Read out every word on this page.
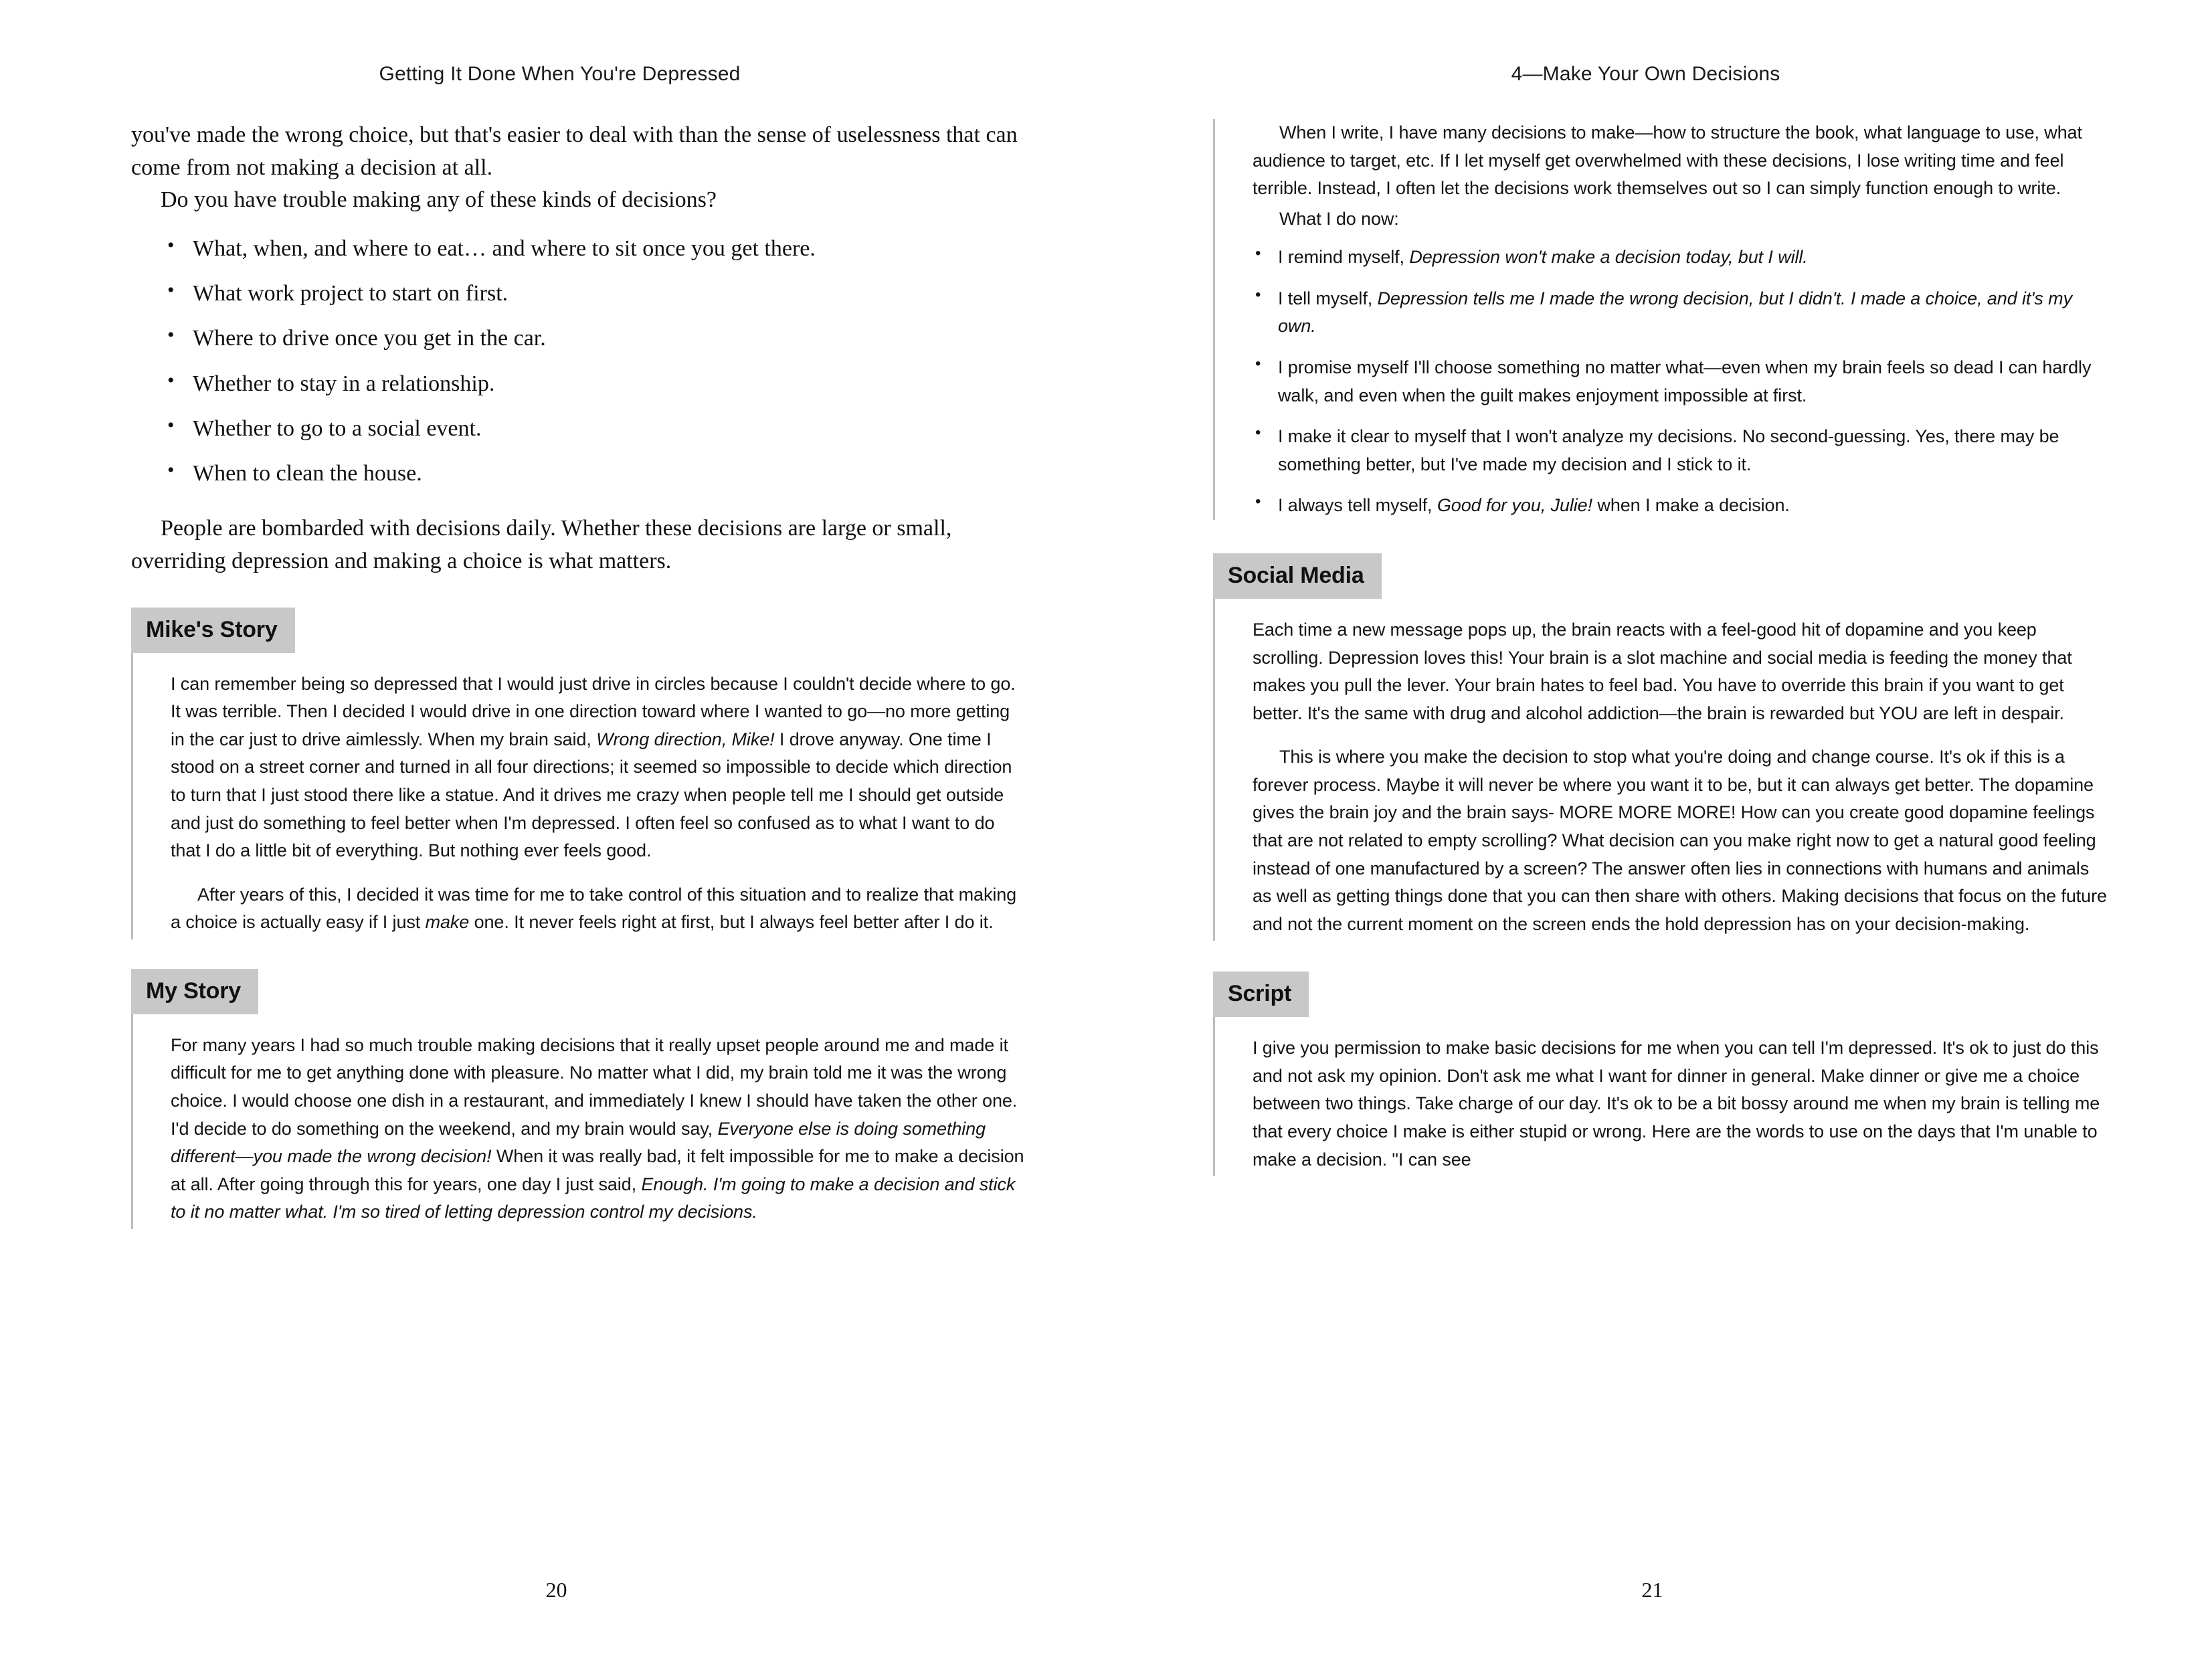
Getting It Done When You're Depressed

you've made the wrong choice, but that's easier to deal with than the sense of uselessness that can come from not making a decision at all.

Do you have trouble making any of these kinds of decisions?

• What, when, and where to eat… and where to sit once you get there.
• What work project to start on first.
• Where to drive once you get in the car.
• Whether to stay in a relationship.
• Whether to go to a social event.
• When to clean the house.

People are bombarded with decisions daily. Whether these decisions are large or small, overriding depression and making a choice is what matters.

Mike's Story

I can remember being so depressed that I would just drive in circles because I couldn't decide where to go. It was terrible. Then I decided I would drive in one direction toward where I wanted to go—no more getting in the car just to drive aimlessly. When my brain said, Wrong direction, Mike! I drove anyway. One time I stood on a street corner and turned in all four directions; it seemed so impossible to decide which direction to turn that I just stood there like a statue. And it drives me crazy when people tell me I should get outside and just do something to feel better when I'm depressed. I often feel so confused as to what I want to do that I do a little bit of everything. But nothing ever feels good.

After years of this, I decided it was time for me to take control of this situation and to realize that making a choice is actually easy if I just make one. It never feels right at first, but I always feel better after I do it.

My Story

For many years I had so much trouble making decisions that it really upset people around me and made it difficult for me to get anything done with pleasure. No matter what I did, my brain told me it was the wrong choice. I would choose one dish in a restaurant, and immediately I knew I should have taken the other one. I'd decide to do something on the weekend, and my brain would say, Everyone else is doing something different—you made the wrong decision! When it was really bad, it felt impossible for me to make a decision at all. After going through this for years, one day I just said, Enough. I'm going to make a decision and stick to it no matter what. I'm so tired of letting depression control my decisions.

20
4—Make Your Own Decisions

When I write, I have many decisions to make—how to structure the book, what language to use, what audience to target, etc. If I let myself get overwhelmed with these decisions, I lose writing time and feel terrible. Instead, I often let the decisions work themselves out so I can simply function enough to write.

What I do now:

• I remind myself, Depression won't make a decision today, but I will.
• I tell myself, Depression tells me I made the wrong decision, but I didn't. I made a choice, and it's my own.
• I promise myself I'll choose something no matter what—even when my brain feels so dead I can hardly walk, and even when the guilt makes enjoyment impossible at first.
• I make it clear to myself that I won't analyze my decisions. No second-guessing. Yes, there may be something better, but I've made my decision and I stick to it.
• I always tell myself, Good for you, Julie! when I make a decision.
Social Media

Each time a new message pops up, the brain reacts with a feel-good hit of dopamine and you keep scrolling. Depression loves this! Your brain is a slot machine and social media is feeding the money that makes you pull the lever. Your brain hates to feel bad. You have to override this brain if you want to get better. It's the same with drug and alcohol addiction—the brain is rewarded but YOU are left in despair.

This is where you make the decision to stop what you're doing and change course. It's ok if this is a forever process. Maybe it will never be where you want it to be, but it can always get better. The dopamine gives the brain joy and the brain says- MORE MORE MORE! How can you create good dopamine feelings that are not related to empty scrolling? What decision can you make right now to get a natural good feeling instead of one manufactured by a screen? The answer often lies in connections with humans and animals as well as getting things done that you can then share with others. Making decisions that focus on the future and not the current moment on the screen ends the hold depression has on your decision-making.

Script

I give you permission to make basic decisions for me when you can tell I'm depressed. It's ok to just do this and not ask my opinion. Don't ask me what I want for dinner in general. Make dinner or give me a choice between two things. Take charge of our day. It's ok to be a bit bossy around me when my brain is telling me that every choice I make is either stupid or wrong. Here are the words to use on the days that I'm unable to make a decision. "I can see

21
